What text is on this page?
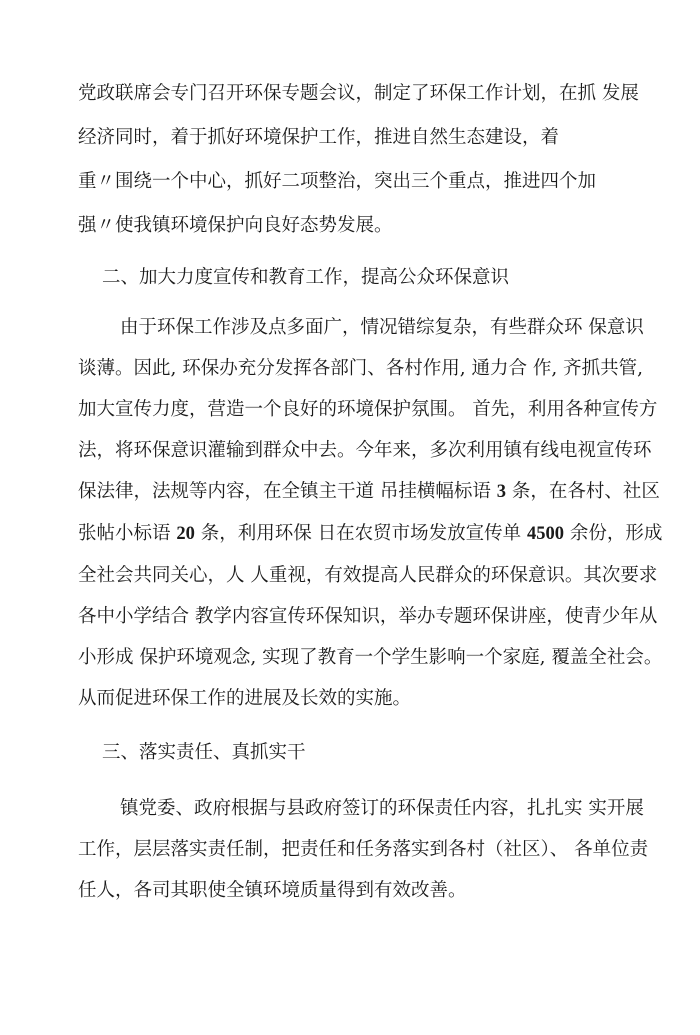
党政联席会专门召开环保专题会议，制定了环保工作计划，在抓 发展
经济同时，着于抓好环境保护工作，推进自然生态建设，着
重〃围绕一个中心，抓好二项整治，突出三个重点，推进四个加
强〃使我镇环境保护向良好态势发展。
二、加大力度宣传和教育工作，提高公众环保意识
由于环保工作涉及点多面广，情况错综复杂，有些群众环 保意识
谈薄。因此, 环保办充分发挥各部门、各村作用, 通力合 作, 齐抓共管,
加大宣传力度，营造一个良好的环境保护氛围。 首先，利用各种宣传方
法，将环保意识灌输到群众中去。今年来，多次利用镇有线电视宣传环
保法律，法规等内容，在全镇主干道 吊挂横幅标语 3 条，在各村、社区
张帖小标语 20 条，利用环保 日在农贸市场发放宣传单 4500 余份，形成
全社会共同关心，人 人重视，有效提高人民群众的环保意识。其次要求
各中小学结合 教学内容宣传环保知识，举办专题环保讲座，使青少年从
小形成 保护环境观念, 实现了教育一个学生影响一个家庭, 覆盖全社会。
从而促进环保工作的进展及长效的实施。
三、落实责任、真抓实干
镇党委、政府根据与县政府签订的环保责任内容，扎扎实 实开展
工作，层层落实责任制，把责任和任务落实到各村（社区）、 各单位责
任人，各司其职使全镇环境质量得到有效改善。
